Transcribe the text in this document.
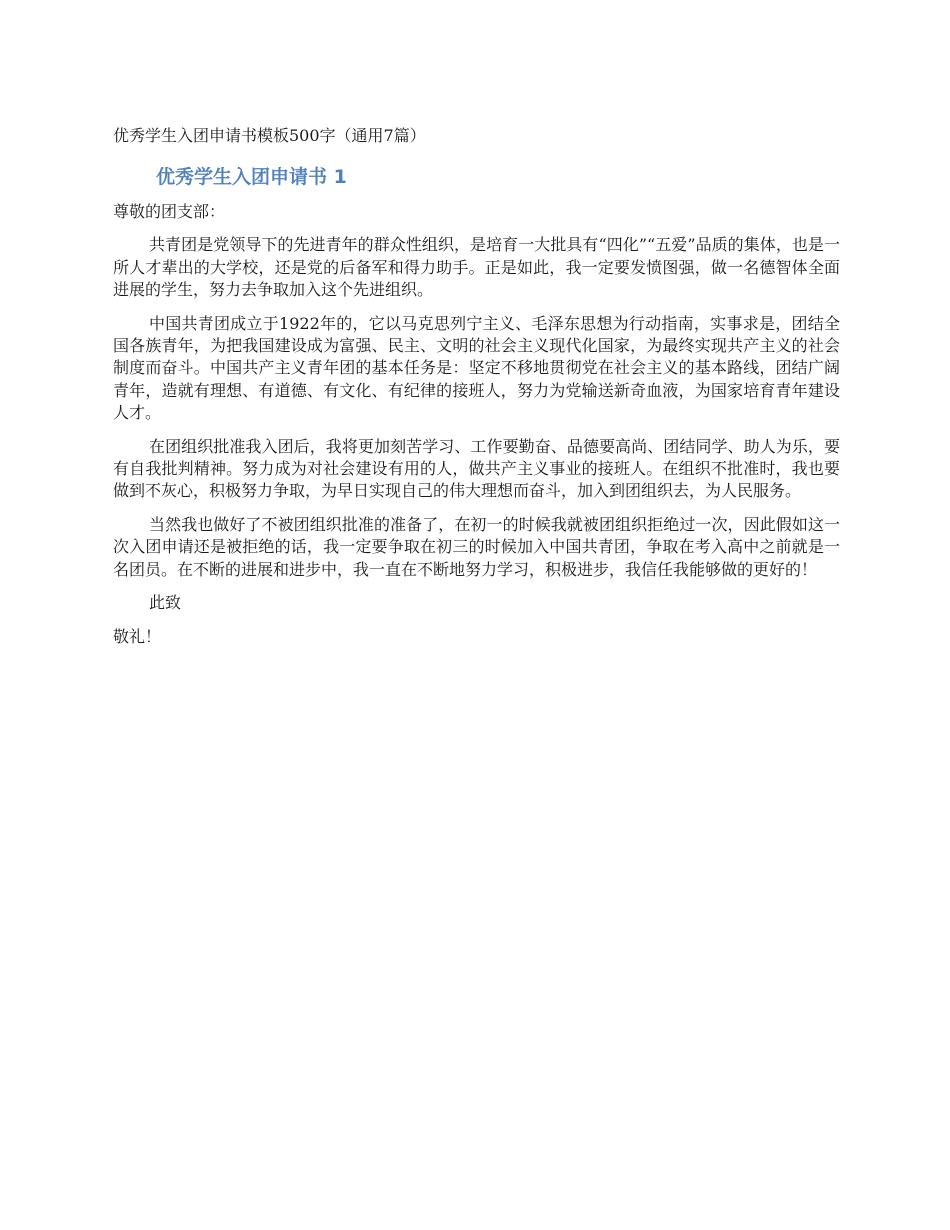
优秀学生入团申请书模板500字（通用7篇）
优秀学生入团申请书 1
尊敬的团支部：

共青团是党领导下的先进青年的群众性组织，是培育一大批具有“四化”“五爱”品质的集体，也是一所人才辈出的大学校，还是党的后备军和得力助手。正是如此，我一定要发愤图强，做一名德智体全面进展的学生，努力去争取加入这个先进组织。

中国共青团成立于1922年的，它以马克思列宁主义、毛泽东思想为行动指南，实事求是，团结全国各族青年，为把我国建设成为富强、民主、文明的社会主义现代化国家，为最终实现共产主义的社会制度而奋斗。中国共产主义青年团的基本任务是：坚定不移地贯彻党在社会主义的基本路线，团结广阔青年，造就有理想、有道德、有文化、有纪律的接班人，努力为党输送新奇血液，为国家培育青年建设人才。

在团组织批准我入团后，我将更加刻苦学习、工作要勤奋、品德要高尚、团结同学、助人为乐，要有自我批判精神。努力成为对社会建设有用的人，做共产主义事业的接班人。在组织不批准时，我也要做到不灰心，积极努力争取，为早日实现自己的伟大理想而奋斗，加入到团组织去，为人民服务。

当然我也做好了不被团组织批准的准备了，在初一的时候我就被团组织拒绝过一次，因此假如这一次入团申请还是被拒绝的话，我一定要争取在初三的时候加入中国共青团，争取在考入高中之前就是一名团员。在不断的进展和进步中，我一直在不断地努力学习，积极进步，我信任我能够做的更好的！

此致
敬礼！
